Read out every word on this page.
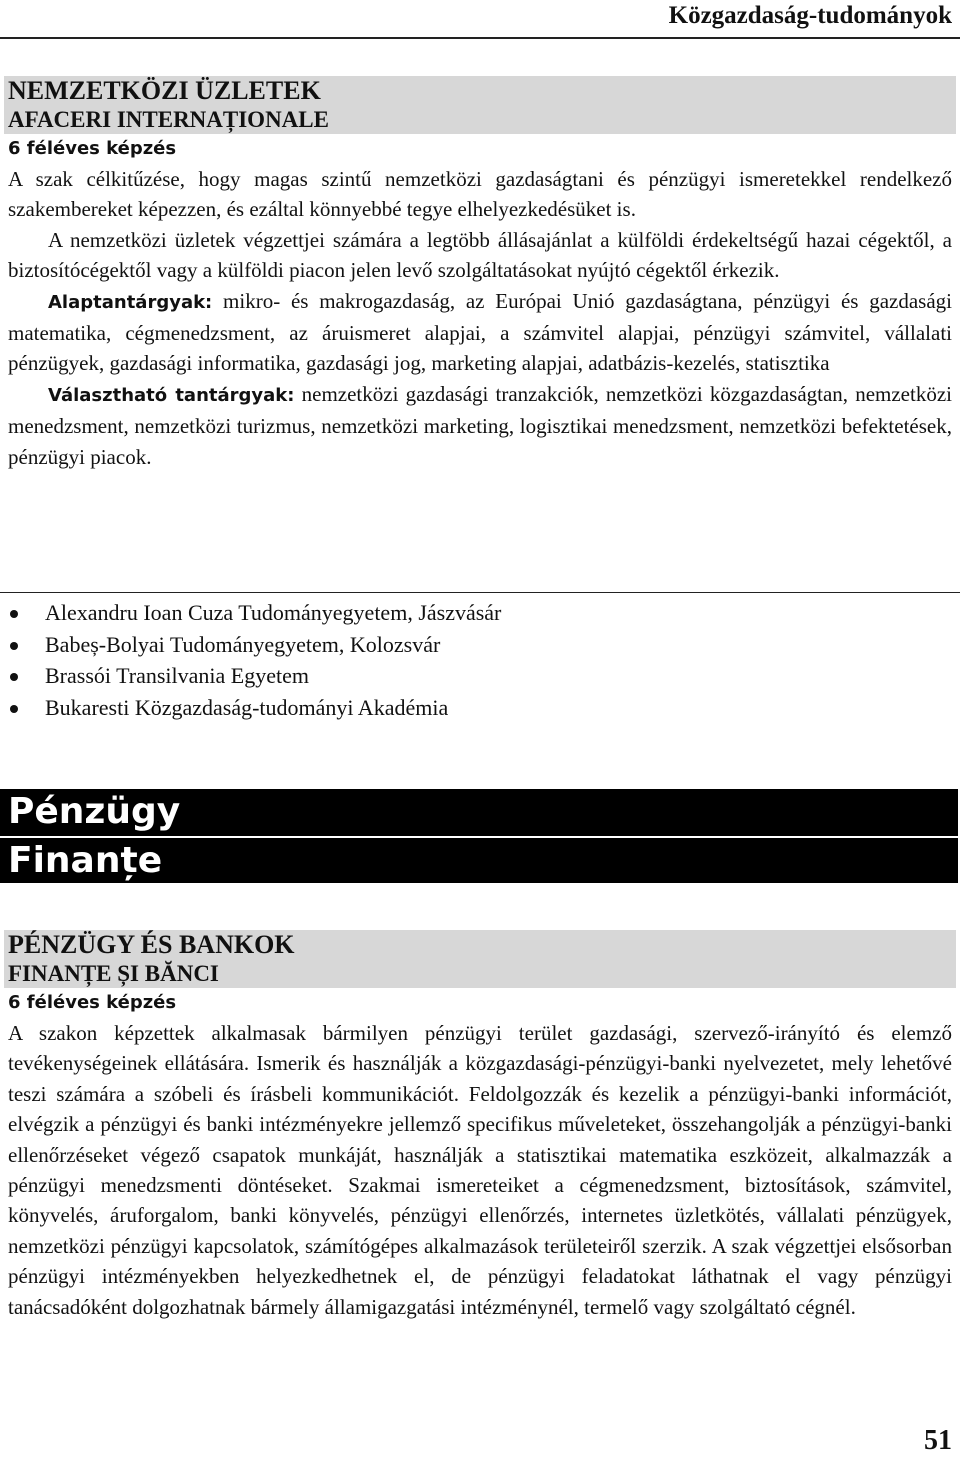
Közgazdaság-tudományok
NEMZETKÖZI ÜZLETEK
AFACERI INTERNAȚIONALE

6 féléves képzés

A szak célkitűzése, hogy magas szintű nemzetközi gazdaságtani és pénzügyi ismeretekkel rendelkező szakembereket képezzen, és ezáltal könnyebbé tegye elhelyezkedésüket is.

A nemzetközi üzletek végzettjei számára a legtöbb állásajánlat a külföldi érdekeltségű hazai cégektől, a biztosítócégektől vagy a külföldi piacon jelen levő szolgáltatásokat nyújtó cégektől érkezik.

Alaptantárgyak: mikro- és makrogazdaság, az Európai Unió gazdaságtana, pénzügyi és gazdasági matematika, cégmenedzsment, az áruismeret alapjai, a számvitel alapjai, pénzügyi számvitel, vállalati pénzügyek, gazdasági informatika, gazdasági jog, marketing alapjai, adatbázis-kezelés, statisztika

Választható tantárgyak: nemzetközi gazdasági tranzakciók, nemzetközi közgazdaságtan, nemzetközi menedzsment, nemzetközi turizmus, nemzetközi marketing, logisztikai menedzsment, nemzetközi befektetések, pénzügyi piacok.

Alexandru Ioan Cuza Tudományegyetem, Jászvásár
Babeș-Bolyai Tudományegyetem, Kolozsvár
Brassói Transilvania Egyetem
Bukaresti Közgazdaság-tudományi Akadémia
Pénzügy
Finanțe
PÉNZÜGY ÉS BANKOK
FINANȚE ȘI BĂNCI

6 féléves képzés

A szakon képzettek alkalmasak bármilyen pénzügyi terület gazdasági, szervező-irányító és elemző tevékenységeinek ellátására. Ismerik és használják a közgazdasági-pénzügyi-banki nyelvezetet, mely lehetővé teszi számára a szóbeli és írásbeli kommunikációt. Feldolgozzák és kezelik a pénzügyi-banki információt, elvégzik a pénzügyi és banki intézményekre jellemző specifikus műveleteket, összehangolják a pénzügyi-banki ellenőrzéseket végező csapatok munkáját, használják a statisztikai matematika eszközeit, alkalmazzák a pénzügyi menedzsmenti döntéseket. Szakmai ismereteiket a cégmenedzsment, biztosítások, számvitel, könyvelés, áruforgalom, banki könyvelés, pénzügyi ellenőrzés, internetes üzletkötés, vállalati pénzügyek, nemzetközi pénzügyi kapcsolatok, számítógépes alkalmazások területeiről szerzik. A szak végzettjei elsősorban pénzügyi intézményekben helyezkedhetnek el, de pénzügyi feladatokat láthatnak el vagy pénzügyi tanácsadóként dolgozhatnak bármely államigazgatási intézménynél, termelő vagy szolgáltató cégnél.

51
